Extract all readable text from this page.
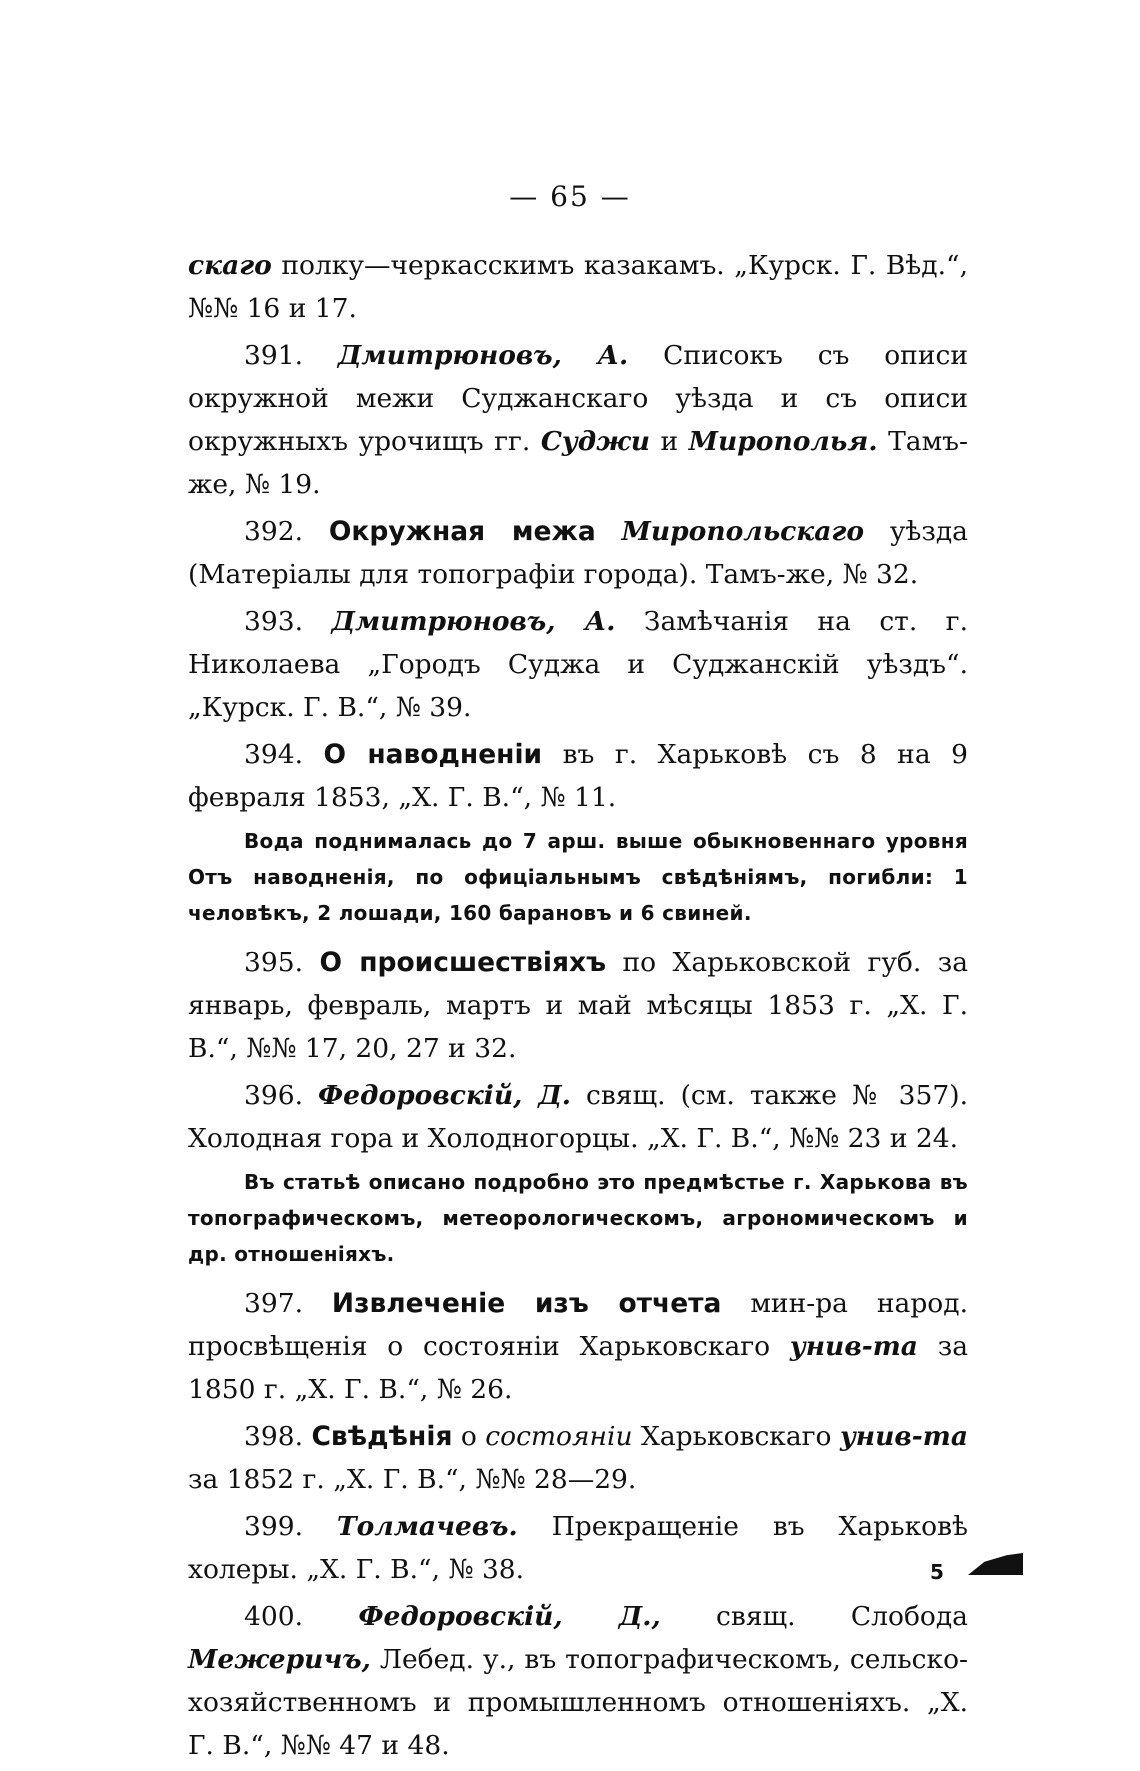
— 65 —

скаго полку—черкасскимъ казакамъ. „Курск. Г. Вѣд.“, №№ 16 и 17.

391. Дмитрюновъ, А. Списокъ съ описи окружной межи Суджанскаго уѣзда и съ описи окружныхъ урочищъ гг. Суджи и Мирополья. Тамъ-же, № 19.

392. Окружная межа Миропольскаго уѣзда (Матеріалы для топографіи города). Тамъ-же, № 32.

393. Дмитрюновъ, А. Замѣчанія на ст. г. Николаева „Городъ Суджа и Суджанскій уѣздъ“. „Курск. Г. В.“, № 39.

394. О наводненіи въ г. Харьковѣ съ 8 на 9 февраля 1853, „Х. Г. В.“, № 11.

Вода поднималась до 7 арш. выше обыкновеннаго уровня Отъ наводненія, по офиціальнымъ свѣдѣніямъ, погибли: 1 человѣкъ, 2 лошади, 160 барановъ и 6 свиней.

395. О происшествіяхъ по Харьковской губ. за январь, февраль, мартъ и май мѣсяцы 1853 г. „Х. Г. В.“, №№ 17, 20, 27 и 32.

396. Федоровскій, Д. свящ. (см. также № 357). Холодная гора и Холодногорцы. „Х. Г. В.“, №№ 23 и 24.

Въ статьѣ описано подробно это предмѣстье г. Харькова въ топографическомъ, метеорологическомъ, агрономическомъ и др. отношеніяхъ.

397. Извлеченіе изъ отчета мин-ра народ. просвѣщенія о состояніи Харьковскаго унив-та за 1850 г. „Х. Г. В.“, № 26.

398. Свѣдѣнія о состояніи Харьковскаго унив-та за 1852 г. „Х. Г. В.“, №№ 28—29.

399. Толмачевъ. Прекращеніе въ Харьковѣ холеры. „Х. Г. В.“, № 38.

400. Федоровскій, Д., свящ. Слобода Межеричъ, Лебед. у., въ топографическомъ, сельско-хозяйственномъ и промышленномъ отношеніяхъ. „Х. Г. В.“, №№ 47 и 48.

5
